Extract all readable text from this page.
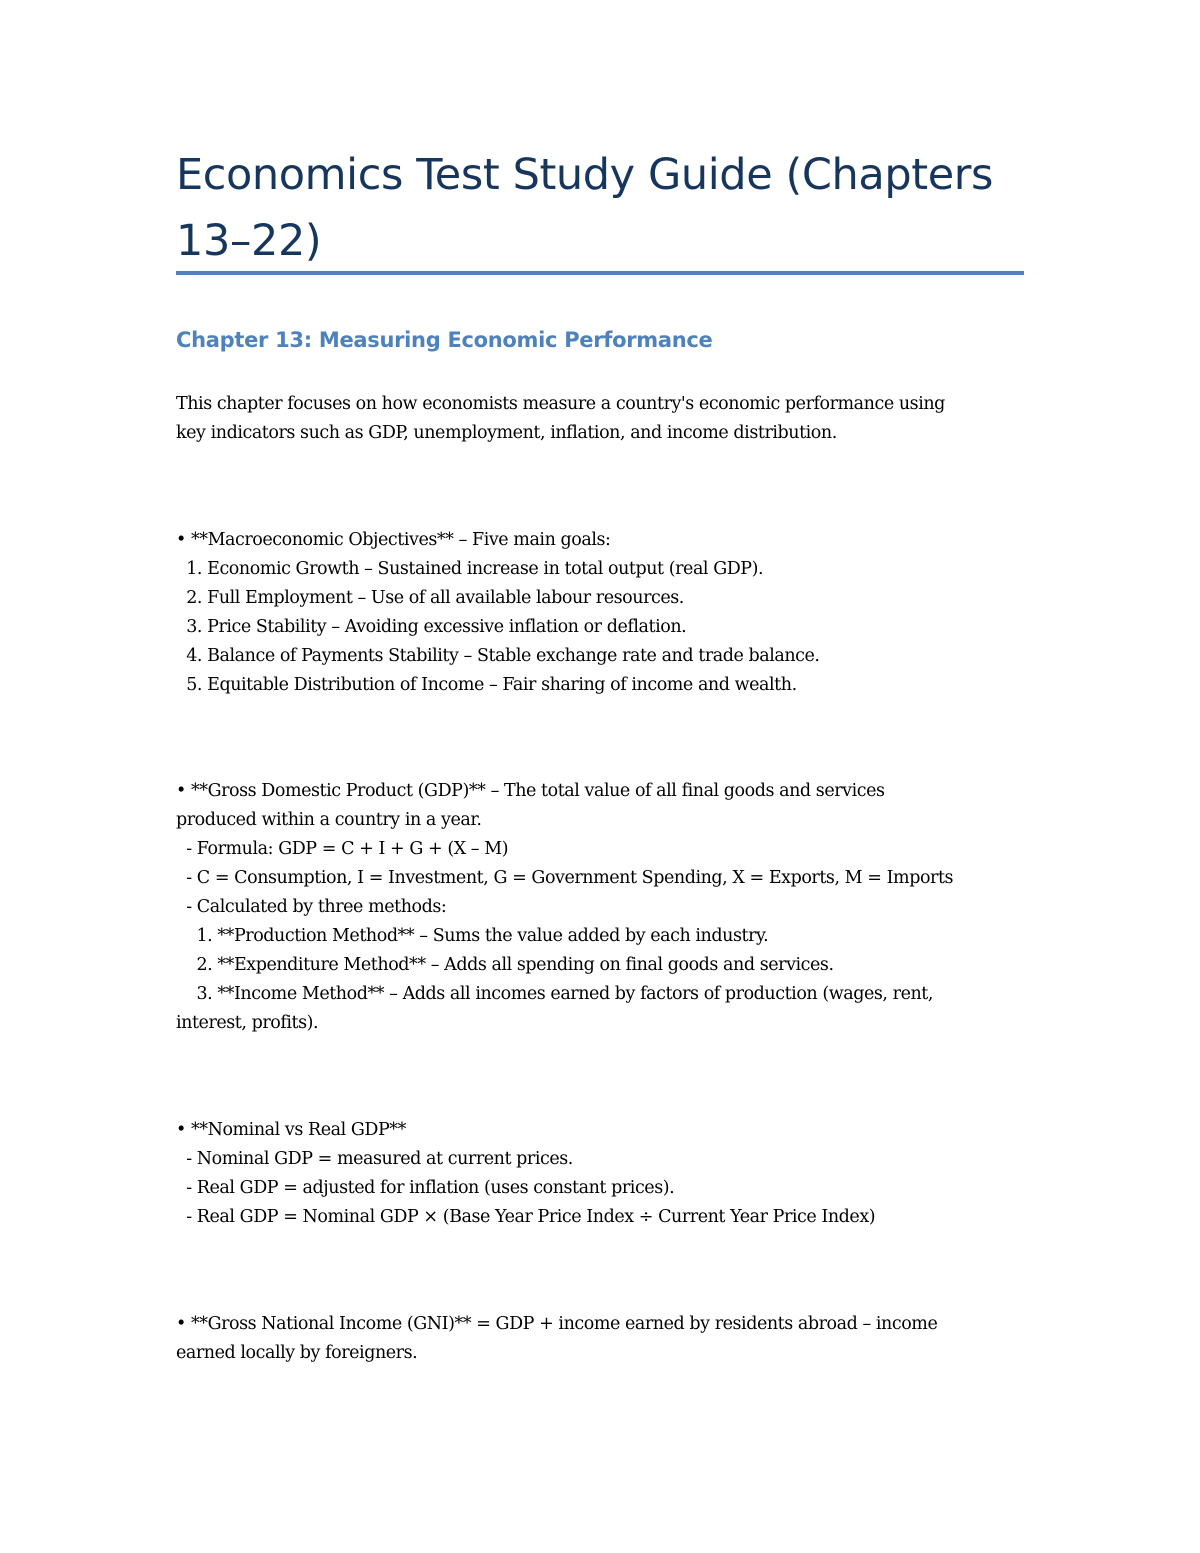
Economics Test Study Guide (Chapters
13–22)
Chapter 13: Measuring Economic Performance

This chapter focuses on how economists measure a country's economic performance using
key indicators such as GDP, unemployment, inflation, and income distribution.

• **Macroeconomic Objectives** – Five main goals:
1. Economic Growth – Sustained increase in total output (real GDP).
2. Full Employment – Use of all available labour resources.
3. Price Stability – Avoiding excessive inflation or deflation.
4. Balance of Payments Stability – Stable exchange rate and trade balance.
5. Equitable Distribution of Income – Fair sharing of income and wealth.
• **Gross Domestic Product (GDP)** – The total value of all final goods and services
produced within a country in a year.
- Formula: GDP = C + I + G + (X – M)
- C = Consumption, I = Investment, G = Government Spending, X = Exports, M = Imports
- Calculated by three methods:
1. **Production Method** – Sums the value added by each industry.
2. **Expenditure Method** – Adds all spending on final goods and services.
3. **Income Method** – Adds all incomes earned by factors of production (wages, rent,
interest, profits).
• **Nominal vs Real GDP**
- Nominal GDP = measured at current prices.
- Real GDP = adjusted for inflation (uses constant prices).
- Real GDP = Nominal GDP × (Base Year Price Index ÷ Current Year Price Index)
• **Gross National Income (GNI)** = GDP + income earned by residents abroad – income
earned locally by foreigners.
